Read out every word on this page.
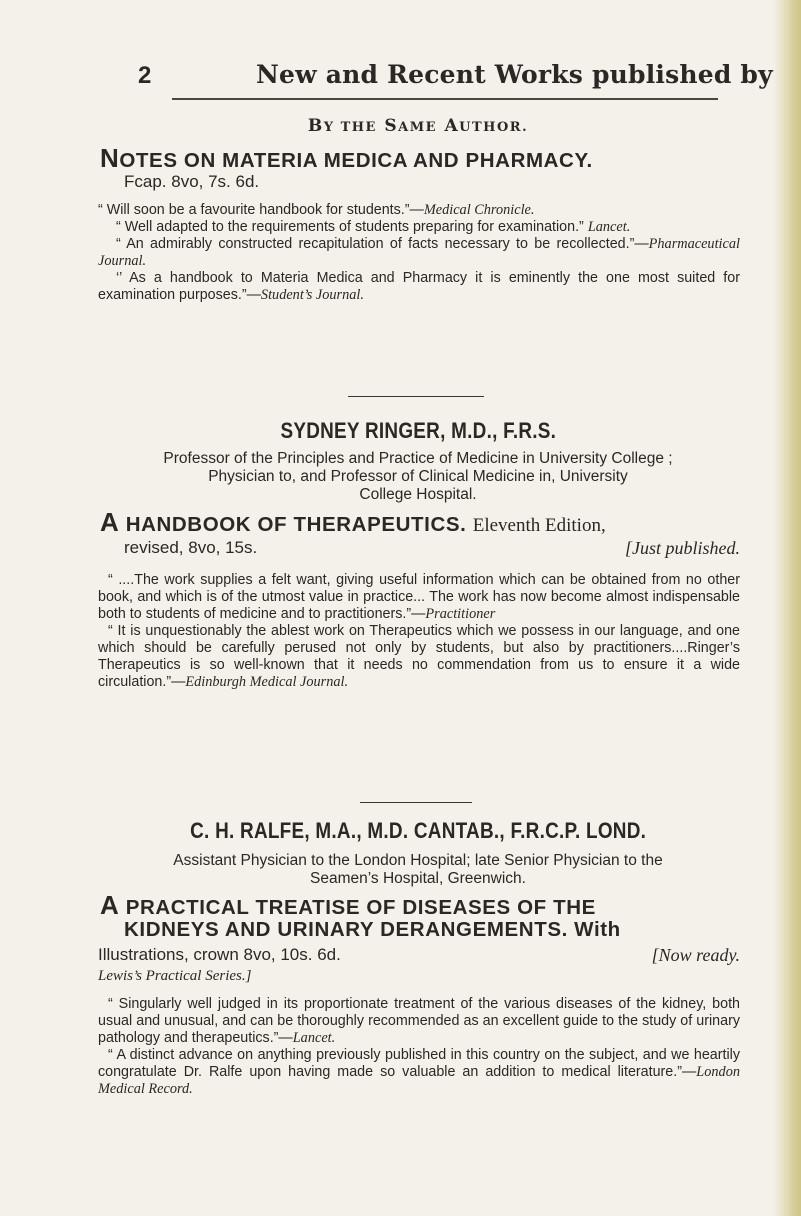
2	New and Recent Works published by
BY THE SAME AUTHOR.
NOTES ON MATERIA MEDICA AND PHARMACY.
Fcap. 8vo, 7s. 6d.

“ Will soon be a favourite handbook for students.”—Medical Chronicle.

“ Well adapted to the requirements of students preparing for examination.” Lancet.

“ An admirably constructed recapitulation of facts necessary to be recollected.”—Pharmaceutical Journal.

‘’ As a handbook to Materia Medica and Pharmacy it is eminently the one most suited for examination purposes.”—Student’s Journal.

SYDNEY RINGER, M.D., F.R.S.
Professor of the Principles and Practice of Medicine in University College ;
Physician to, and Professor of Clinical Medicine in, University
College Hospital.
A HANDBOOK OF THERAPEUTICS. Eleventh Edition,
revised, 8vo, 15s.	[Just published.

“ ....The work supplies a felt want, giving useful information which can be obtained from no other book, and which is of the utmost value in practice... The work has now become almost indispensable both to students of medicine and to practitioners.”—Practitioner

“ It is unquestionably the ablest work on Therapeutics which we possess in our language, and one which should be carefully perused not only by students, but also by practitioners....Ringer’s Therapeutics is so well-known that it needs no commendation from us to ensure it a wide circulation.”—Edinburgh Medical Journal.

C. H. RALFE, M.A., M.D. CANTAB., F.R.C.P. LOND.
Assistant Physician to the London Hospital; late Senior Physician to the
Seamen’s Hospital, Greenwich.
A PRACTICAL TREATISE OF DISEASES OF THE
KIDNEYS AND URINARY DERANGEMENTS. With
Illustrations, crown 8vo, 10s. 6d.	[Now ready.
Lewis’s Practical Series.]

“ Singularly well judged in its proportionate treatment of the various diseases of the kidney, both usual and unusual, and can be thoroughly recommended as an excellent guide to the study of urinary pathology and therapeutics.”—Lancet.

“ A distinct advance on anything previously published in this country on the subject, and we heartily congratulate Dr. Ralfe upon having made so valuable an addition to medical literature.”—London Medical Record.
